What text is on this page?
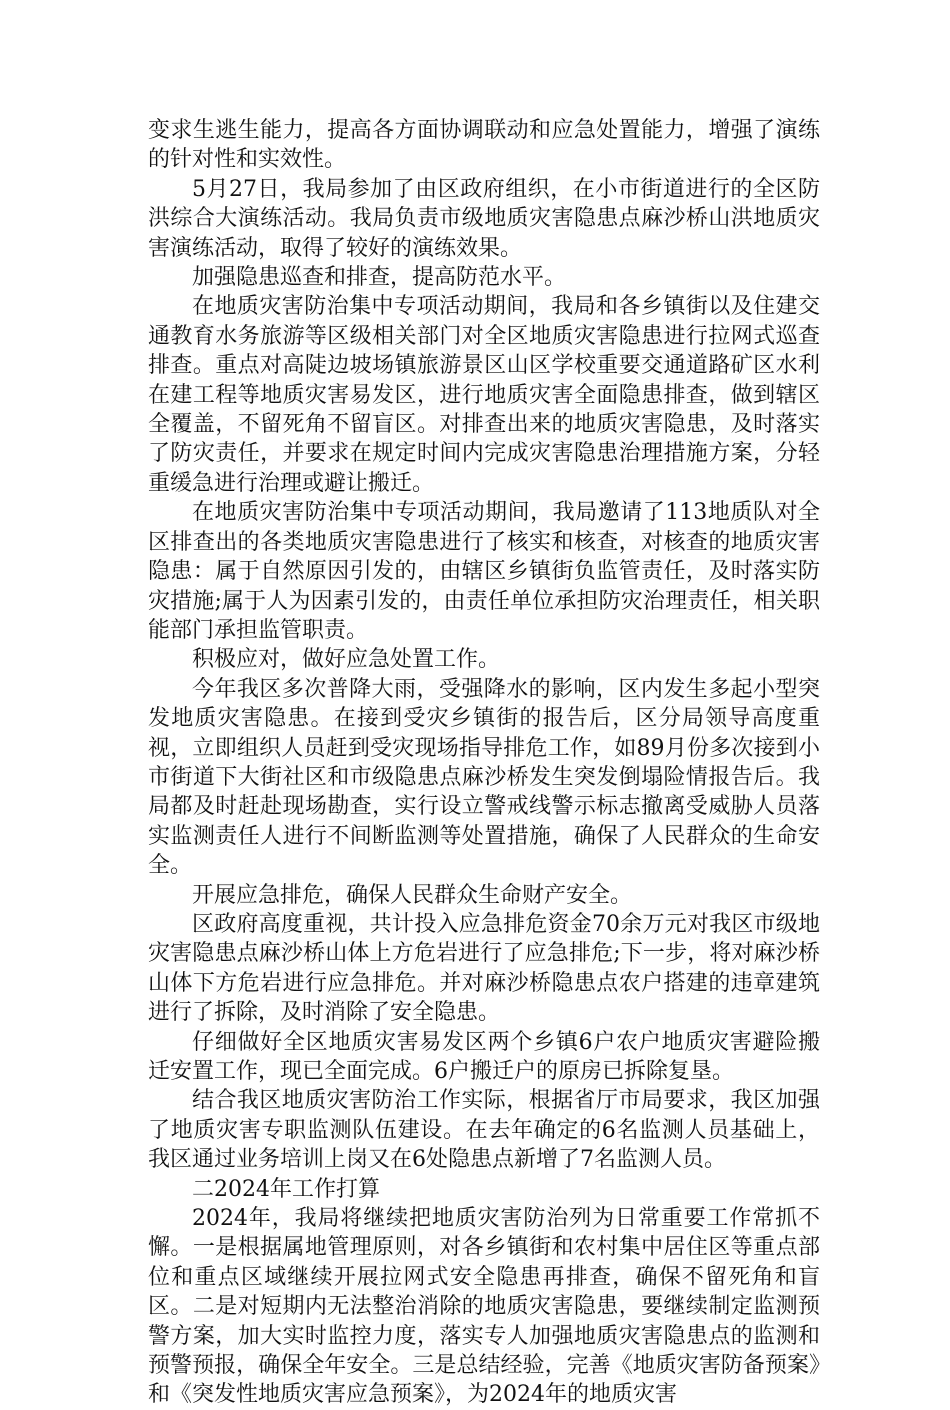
变求生逃生能力，提高各方面协调联动和应急处置能力，增强了演练的针对性和实效性。

5月27日，我局参加了由区政府组织，在小市街道进行的全区防洪综合大演练活动。我局负责市级地质灾害隐患点麻沙桥山洪地质灾害演练活动，取得了较好的演练效果。

加强隐患巡查和排查，提高防范水平。

在地质灾害防治集中专项活动期间，我局和各乡镇街以及住建交通教育水务旅游等区级相关部门对全区地质灾害隐患进行拉网式巡查排查。重点对高陡边坡场镇旅游景区山区学校重要交通道路矿区水利在建工程等地质灾害易发区，进行地质灾害全面隐患排查，做到辖区全覆盖，不留死角不留盲区。对排查出来的地质灾害隐患，及时落实了防灾责任，并要求在规定时间内完成灾害隐患治理措施方案，分轻重缓急进行治理或避让搬迁。

在地质灾害防治集中专项活动期间，我局邀请了113地质队对全区排查出的各类地质灾害隐患进行了核实和核查，对核查的地质灾害隐患：属于自然原因引发的，由辖区乡镇街负监管责任，及时落实防灾措施;属于人为因素引发的，由责任单位承担防灾治理责任，相关职能部门承担监管职责。

积极应对，做好应急处置工作。

今年我区多次普降大雨，受强降水的影响，区内发生多起小型突发地质灾害隐患。在接到受灾乡镇街的报告后，区分局领导高度重视，立即组织人员赶到受灾现场指导排危工作，如89月份多次接到小市街道下大街社区和市级隐患点麻沙桥发生突发倒塌险情报告后。我局都及时赶赴现场勘查，实行设立警戒线警示标志撤离受威胁人员落实监测责任人进行不间断监测等处置措施，确保了人民群众的生命安全。

开展应急排危，确保人民群众生命财产安全。

区政府高度重视，共计投入应急排危资金70余万元对我区市级地灾害隐患点麻沙桥山体上方危岩进行了应急排危;下一步，将对麻沙桥山体下方危岩进行应急排危。并对麻沙桥隐患点农户搭建的违章建筑进行了拆除，及时消除了安全隐患。

仔细做好全区地质灾害易发区两个乡镇6户农户地质灾害避险搬迁安置工作，现已全面完成。6户搬迁户的原房已拆除复垦。

结合我区地质灾害防治工作实际，根据省厅市局要求，我区加强了地质灾害专职监测队伍建设。在去年确定的6名监测人员基础上，我区通过业务培训上岗又在6处隐患点新增了7名监测人员。

二2024年工作打算

2024年，我局将继续把地质灾害防治列为日常重要工作常抓不懈。一是根据属地管理原则，对各乡镇街和农村集中居住区等重点部位和重点区域继续开展拉网式安全隐患再排查，确保不留死角和盲区。二是对短期内无法整治消除的地质灾害隐患，要继续制定监测预警方案，加大实时监控力度，落实专人加强地质灾害隐患点的监测和预警预报，确保全年安全。三是总结经验，完善《地质灾害防备预案》和《突发性地质灾害应急预案》，为2024年的地质灾害
